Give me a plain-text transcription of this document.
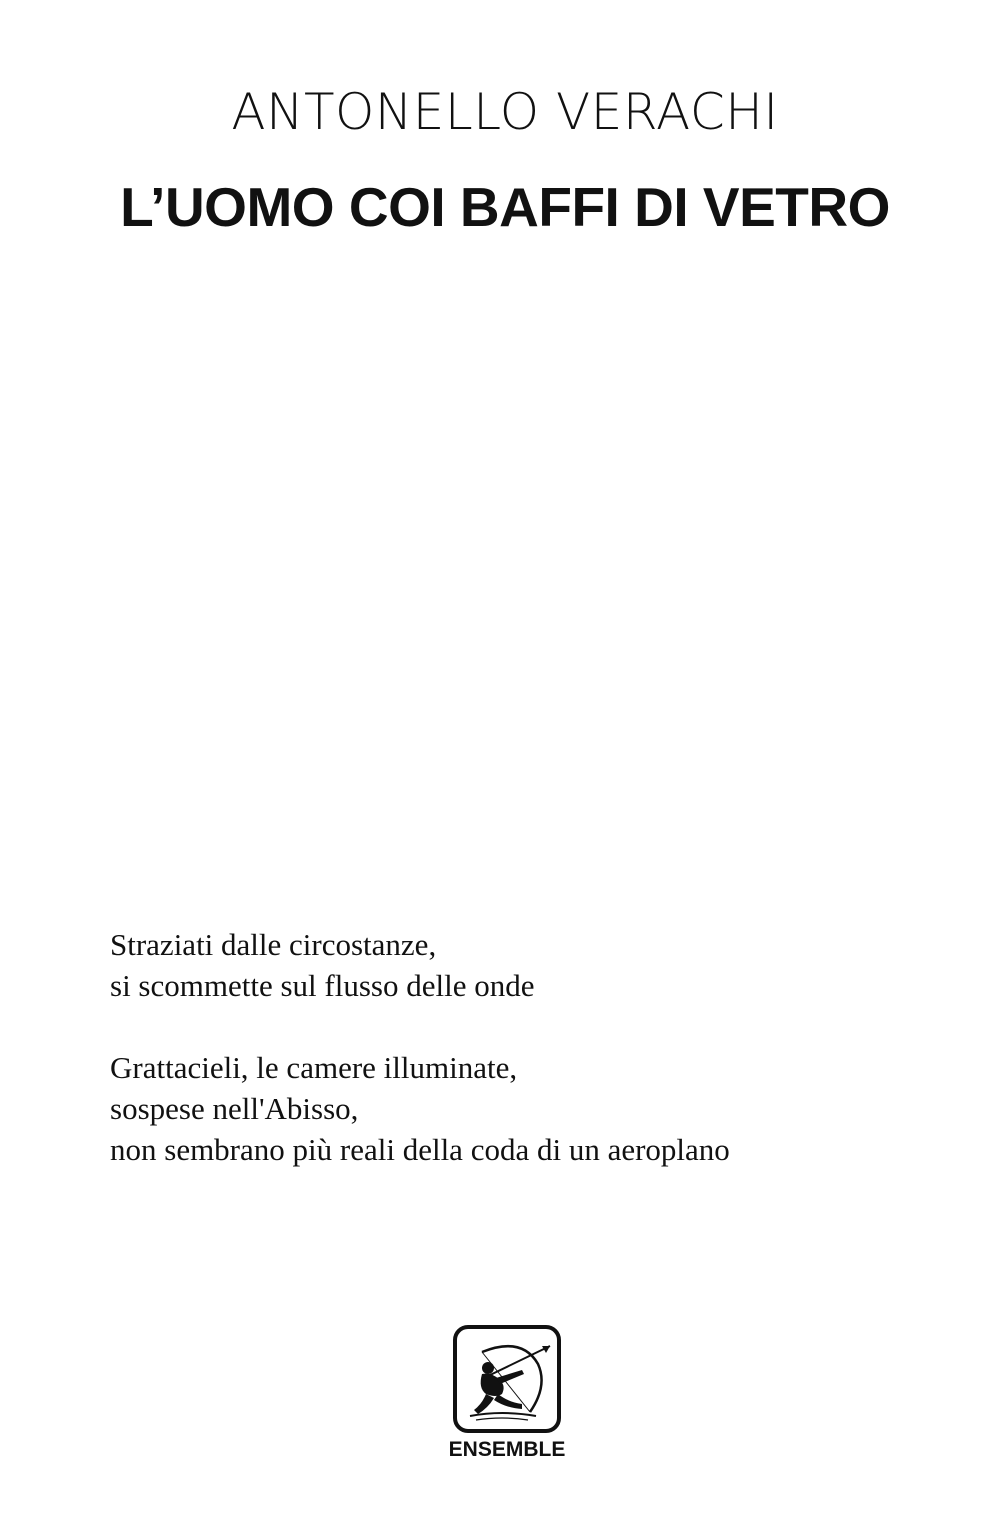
ANTONELLO VERACHI
L’UOMO COI BAFFI DI VETRO

Straziati dalle circostanze,
si scommette sul flusso delle onde

Grattacieli, le camere illuminate,
sospese nell'Abisso,
non sembrano più reali della coda di un aeroplano

ENSEMBLE
